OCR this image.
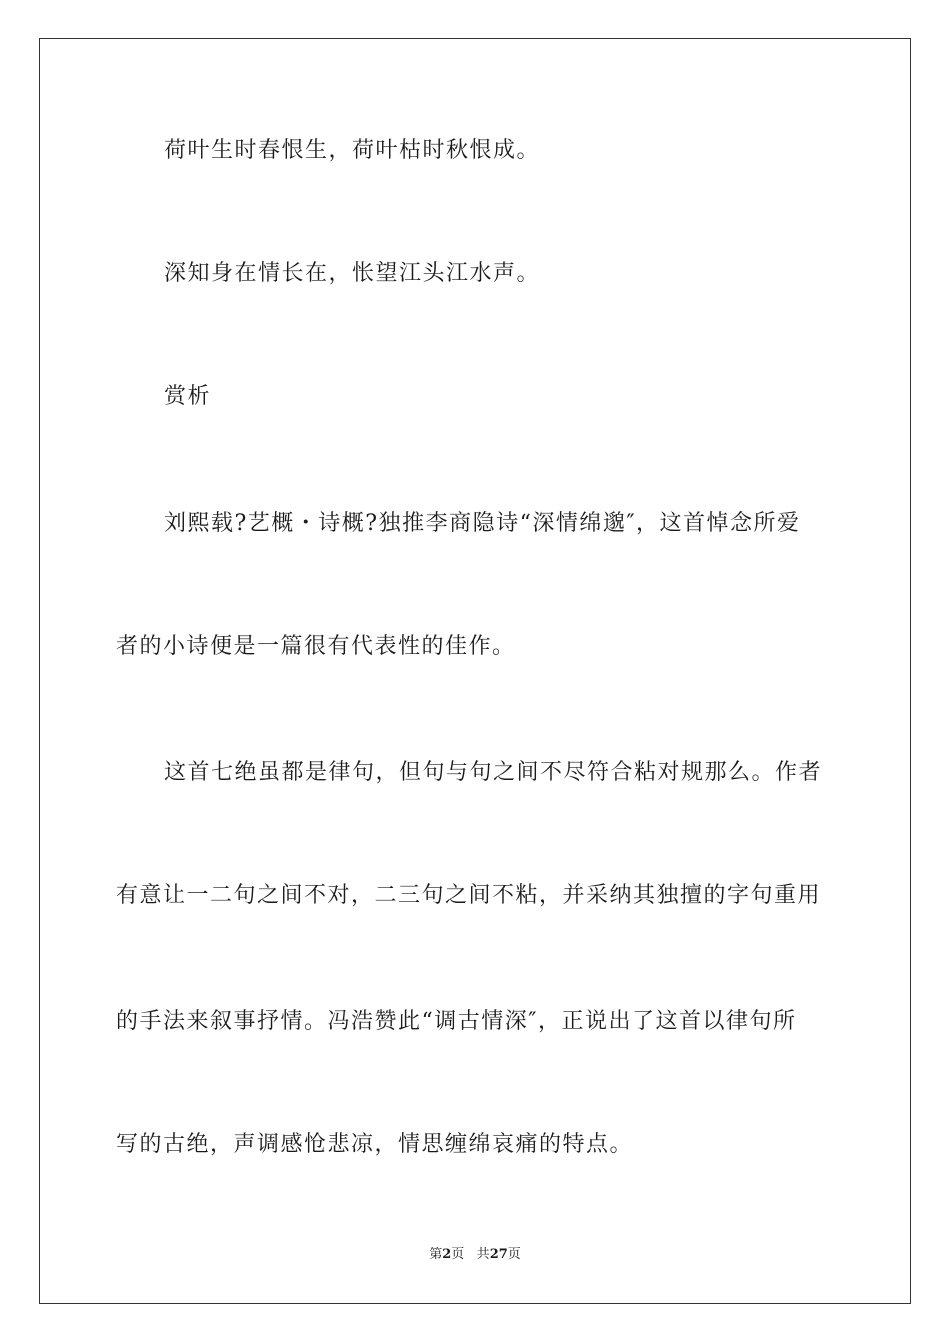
荷叶生时春恨生，荷叶枯时秋恨成。
深知身在情长在，怅望江头江水声。
赏析
刘熙载?艺概・诗概?独推李商隐诗“深情绵邈″，这首悼念所爱
者的小诗便是一篇很有代表性的佳作。
这首七绝虽都是律句，但句与句之间不尽符合粘对规那么。作者
有意让一二句之间不对，二三句之间不粘，并采纳其独擅的字句重用
的手法来叙事抒情。冯浩赞此“调古情深″，正说出了这首以律句所
写的古绝，声调感怆悲凉，情思缠绵哀痛的特点。
第2页 共27页
